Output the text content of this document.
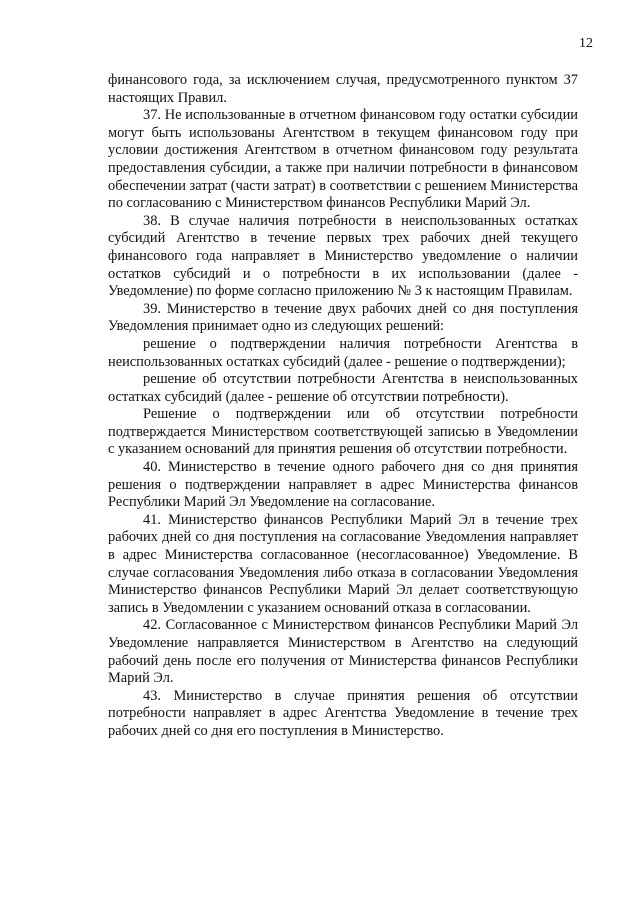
12

финансового года, за исключением случая, предусмотренного пунктом 37 настоящих Правил.

37. Не использованные в отчетном финансовом году остатки субсидии могут быть использованы Агентством в текущем финансовом году при условии достижения Агентством в отчетном финансовом году результата предоставления субсидии, а также при наличии потребности в финансовом обеспечении затрат (части затрат) в соответствии с решением Министерства по согласованию с Министерством финансов Республики Марий Эл.

38. В случае наличия потребности в неиспользованных остатках субсидий Агентство в течение первых трех рабочих дней текущего финансового года направляет в Министерство уведомление о наличии остатков субсидий и о потребности в их использовании (далее - Уведомление) по форме согласно приложению № 3 к настоящим Правилам.

39. Министерство в течение двух рабочих дней со дня поступления Уведомления принимает одно из следующих решений:

решение о подтверждении наличия потребности Агентства в неиспользованных остатках субсидий (далее - решение о подтверждении);

решение об отсутствии потребности Агентства в неиспользованных остатках субсидий (далее - решение об отсутствии потребности).

Решение о подтверждении или об отсутствии потребности подтверждается Министерством соответствующей записью в Уведомлении с указанием оснований для принятия решения об отсутствии потребности.

40. Министерство в течение одного рабочего дня со дня принятия решения о подтверждении направляет в адрес Министерства финансов Республики Марий Эл Уведомление на согласование.

41. Министерство финансов Республики Марий Эл в течение трех рабочих дней со дня поступления на согласование Уведомления направляет в адрес Министерства согласованное (несогласованное) Уведомление. В случае согласования Уведомления либо отказа в согласовании Уведомления Министерство финансов Республики Марий Эл делает соответствующую запись в Уведомлении с указанием оснований отказа в согласовании.

42. Согласованное с Министерством финансов Республики Марий Эл Уведомление направляется Министерством в Агентство на следующий рабочий день после его получения от Министерства финансов Республики Марий Эл.

43. Министерство в случае принятия решения об отсутствии потребности направляет в адрес Агентства Уведомление в течение трех рабочих дней со дня его поступления в Министерство.
